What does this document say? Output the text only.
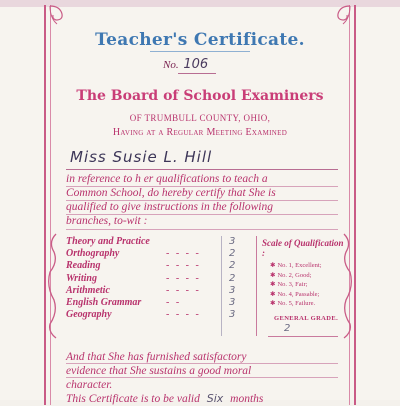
Teacher's Certificate.
No. 106
The Board of School Examiners
OF TRUMBULL COUNTY, OHIO,
Having at a Regular Meeting Examined
Miss Susie L. Hill
in reference to h er qualifications to teach a
Common School, do hereby certify that She is
qualified to give instructions in the following
branches, to-wit :
Theory and Practice	3
Orthography	- - - -	2
Reading	- - - -	2
Writing	- - - -	2
Arithmetic	- - - -	3
English Grammar - -	3
Geography	- - - -	3
Scale of Qualification :
✱ No. 1, Excellent;
✱ No. 2, Good;
✱ No. 3, Fair;
✱ No. 4, Passable;
✱ No. 5, Failure.
GENERAL GRADE.
2
And that She has furnished satisfactory
evidence that She sustains a good moral
character.
This Certificate is to be valid Six months
